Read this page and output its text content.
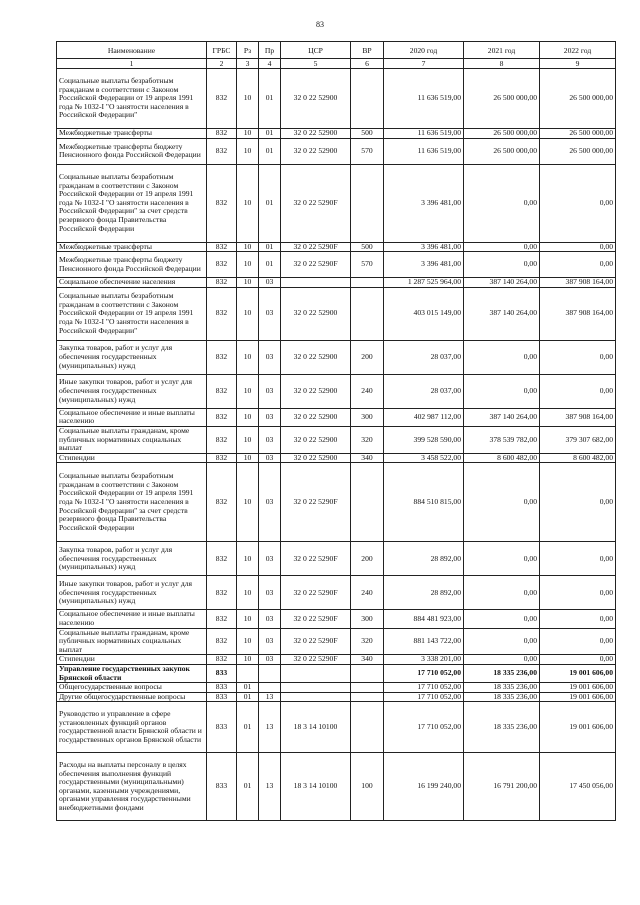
83
Наименование	ГРБС	Рз	Пр	ЦСР	ВР	2020 год	2021 год	2022 год
1	2	3	4	5	6	7	8	9
Социальные выплаты безработным гражданам в соответствии с Законом Российской Федерации от 19 апреля 1991 года № 1032-I "О занятости населения в Российской Федерации"	832	10	01	32 0 22 52900		11 636 519,00	26 500 000,00	26 500 000,00
Межбюджетные трансферты	832	10	01	32 0 22 52900	500	11 636 519,00	26 500 000,00	26 500 000,00
Межбюджетные трансферты бюджету Пенсионного фонда Российской Федерации	832	10	01	32 0 22 52900	570	11 636 519,00	26 500 000,00	26 500 000,00
Социальные выплаты безработным гражданам в соответствии с Законом Российской Федерации от 19 апреля 1991 года № 1032-I "О занятости населения в Российской Федерации" за счет средств резервного фонда Правительства Российской Федерации	832	10	01	32 0 22 5290F		3 396 481,00	0,00	0,00
Межбюджетные трансферты	832	10	01	32 0 22 5290F	500	3 396 481,00	0,00	0,00
Межбюджетные трансферты бюджету Пенсионного фонда Российской Федерации	832	10	01	32 0 22 5290F	570	3 396 481,00	0,00	0,00
Социальное обеспечение населения	832	10	03			1 287 525 964,00	387 140 264,00	387 908 164,00
Социальные выплаты безработным гражданам в соответствии с Законом Российской Федерации от 19 апреля 1991 года № 1032-I "О занятости населения в Российской Федерации"	832	10	03	32 0 22 52900		403 015 149,00	387 140 264,00	387 908 164,00
Закупка товаров, работ и услуг для обеспечения государственных (муниципальных) нужд	832	10	03	32 0 22 52900	200	28 037,00	0,00	0,00
Иные закупки товаров, работ и услуг для обеспечения государственных (муниципальных) нужд	832	10	03	32 0 22 52900	240	28 037,00	0,00	0,00
Социальное обеспечение и иные выплаты населению	832	10	03	32 0 22 52900	300	402 987 112,00	387 140 264,00	387 908 164,00
Социальные выплаты гражданам, кроме публичных нормативных социальных выплат	832	10	03	32 0 22 52900	320	399 528 590,00	378 539 782,00	379 307 682,00
Стипендии	832	10	03	32 0 22 52900	340	3 458 522,00	8 600 482,00	8 600 482,00
Социальные выплаты безработным гражданам в соответствии с Законом Российской Федерации от 19 апреля 1991 года № 1032-I "О занятости населения в Российской Федерации" за счет средств резервного фонда Правительства Российской Федерации	832	10	03	32 0 22 5290F		884 510 815,00	0,00	0,00
Закупка товаров, работ и услуг для обеспечения государственных (муниципальных) нужд	832	10	03	32 0 22 5290F	200	28 892,00	0,00	0,00
Иные закупки товаров, работ и услуг для обеспечения государственных (муниципальных) нужд	832	10	03	32 0 22 5290F	240	28 892,00	0,00	0,00
Социальное обеспечение и иные выплаты населению	832	10	03	32 0 22 5290F	300	884 481 923,00	0,00	0,00
Социальные выплаты гражданам, кроме публичных нормативных социальных выплат	832	10	03	32 0 22 5290F	320	881 143 722,00	0,00	0,00
Стипендии	832	10	03	32 0 22 5290F	340	3 338 201,00	0,00	0,00
Управление государственных закупок Брянской области	833					17 710 052,00	18 335 236,00	19 001 606,00
Общегосударственные вопросы	833	01				17 710 052,00	18 335 236,00	19 001 606,00
Другие общегосударственные вопросы	833	01	13			17 710 052,00	18 335 236,00	19 001 606,00
Руководство и управление в сфере установленных функций органов государственной власти Брянской области и государственных органов Брянской области	833	01	13	18 3 14 10100		17 710 052,00	18 335 236,00	19 001 606,00
Расходы на выплаты персоналу в целях обеспечения выполнения функций государственными (муниципальными) органами, казенными учреждениями, органами управления государственными внебюджетными фондами	833	01	13	18 3 14 10100	100	16 199 240,00	16 791 200,00	17 450 056,00
